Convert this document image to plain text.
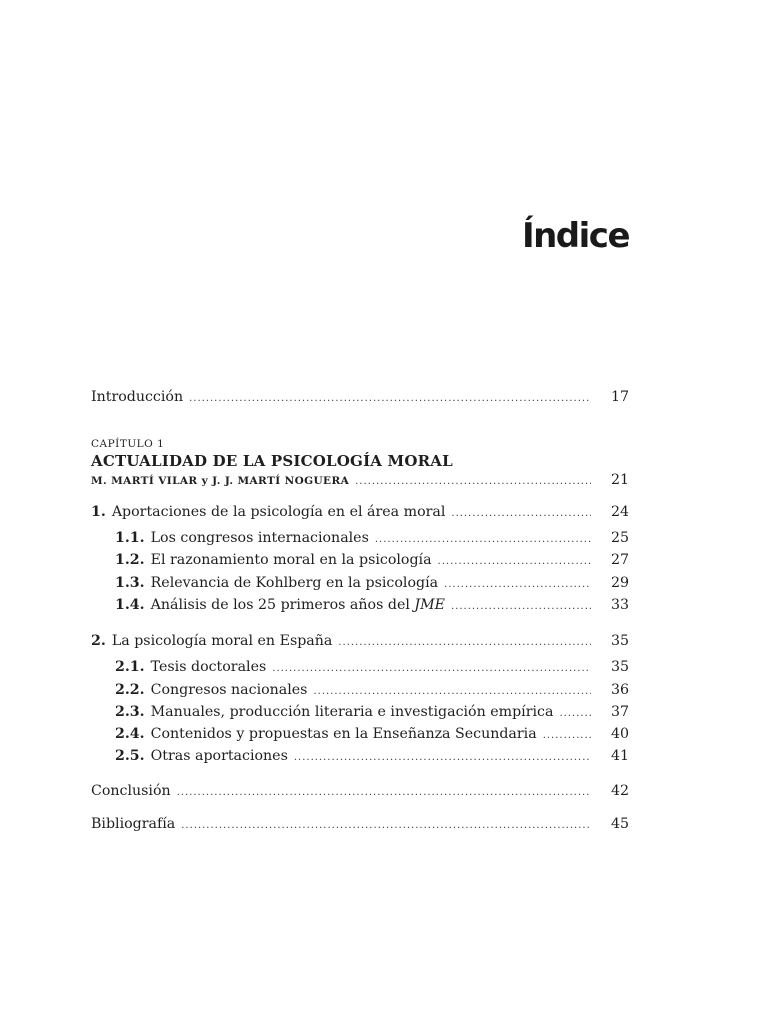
Índice
Introducción .....	17
CAPÍTULO 1
ACTUALIDAD DE LA PSICOLOGÍA MORAL
M. MARTÍ VILAR y J. J. MARTÍ NOGUERA .....	21
1. Aportaciones de la psicología en el área moral .....	24
1.1. Los congresos internacionales .....	25
1.2. El razonamiento moral en la psicología .....	27
1.3. Relevancia de Kohlberg en la psicología .....	29
1.4. Análisis de los 25 primeros años del JME .....	33
2. La psicología moral en España .....	35
2.1. Tesis doctorales .....	35
2.2. Congresos nacionales .....	36
2.3. Manuales, producción literaria e investigación empírica .....	37
2.4. Contenidos y propuestas en la Enseñanza Secundaria .....	40
2.5. Otras aportaciones .....	41
Conclusión .....	42
Bibliografía .....	45
